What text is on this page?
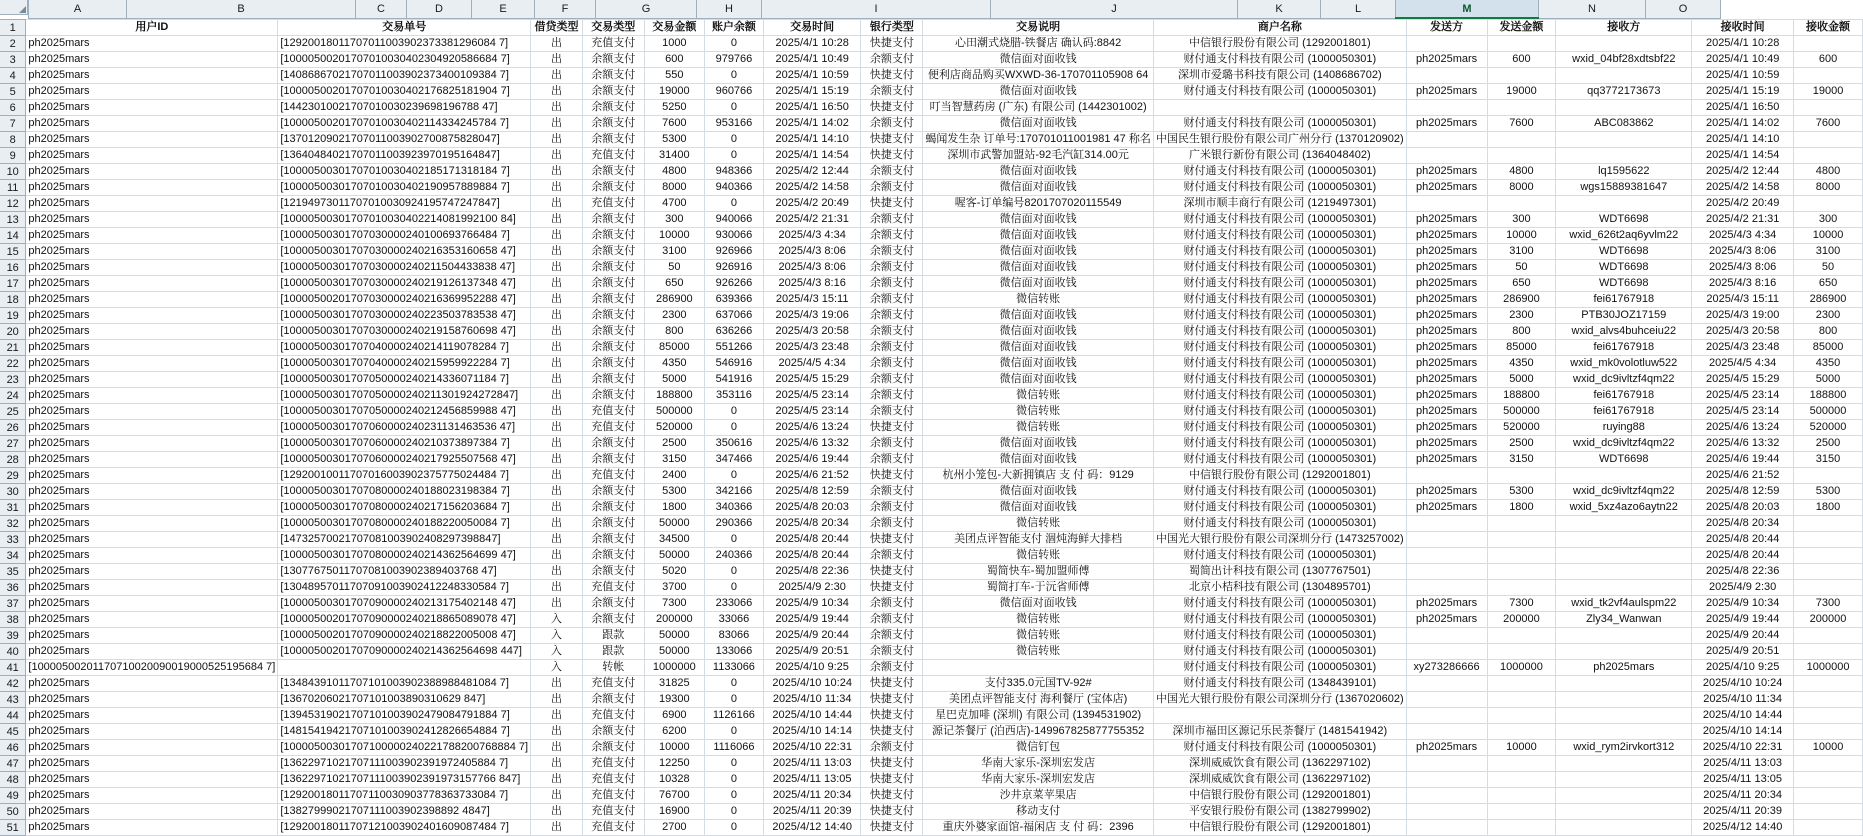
A	B	C	D	E	F	G	H	I	J	K	L	M	N	O
1	用户ID	交易单号	借贷类型	交易类型	交易金额	账户余额	交易时间	银行类型	交易说明	商户名称	发送方	发送金额	接收方	接收时间	接收金额
2	ph2025mars	[12920018011707011003902373381296084 7]	出	充值支付	1000	0	2025/4/1 10:28	快捷支付	心田潮式烧腊-铁餐店 确认码:8842	中信银行股份有限公司 (1292001801)				2025/4/1 10:28	
3	ph2025mars	[10000500201707010030402304920586684 7]	出	余额支付	600	979766	2025/4/1 10:49	余额支付	微信面对面收钱	财付通支付科技有限公司 (1000050301)	ph2025mars	600	wxid_04bf28xdtsbf22	2025/4/1 10:49	600
4	ph2025mars	[14086867021707011003902373400109384 7]	出	余额支付	550	0	2025/4/1 10:59	快捷支付	便利店商品购买WXWD-36-170701105908 64	深圳市爱璐书科技有限公司 (1408686702)				2025/4/1 10:59	
5	ph2025mars	[10000500201707010030402176825181904 7]	出	余额支付	19000	960766	2025/4/1 15:19	余额支付	微信面对面收钱	财付通支付科技有限公司 (1000050301)	ph2025mars	19000	qq3772173673	2025/4/1 15:19	19000
6	ph2025mars	[14423010021707010030239698196788 47]	出	余额支付	5250	0	2025/4/1 16:50	快捷支付	叮当智慧药房 (广东) 有限公司 (1442301002)					2025/4/1 16:50	
7	ph2025mars	[10000500201707010030402114334245784 7]	出	余额支付	7600	953166	2025/4/1 14:02	余额支付	微信面对面收钱	财付通支付科技有限公司 (1000050301)	ph2025mars	7600	ABC083862	2025/4/1 14:02	7600
8	ph2025mars	[13701209021707011003902700875828047]	出	余额支付	5300	0	2025/4/1 14:10	快捷支付	蝎闻发生杂 订单号:170701011001981 47 称名	中国民生银行股份有限公司广州分行 (1370120902)				2025/4/1 14:10	
9	ph2025mars	[13640484021707011003923970195164847]	出	充值支付	31400	0	2025/4/1 14:54	快捷支付	深圳市武警加盟站-92毛汽缸314.00元	广米银行新份有限公司 (1364048402)				2025/4/1 14:54	
10	ph2025mars	[10000500301707010030402185171318184 7]	出	余额支付	4800	948366	2025/4/2 12:44	余额支付	微信面对面收钱	财付通支付科技有限公司 (1000050301)	ph2025mars	4800	lq1595622	2025/4/2 12:44	4800
11	ph2025mars	[10000500301707010030402190957889884 7]	出	余额支付	8000	940366	2025/4/2 14:58	余额支付	微信面对面收钱	财付通支付科技有限公司 (1000050301)	ph2025mars	8000	wgs15889381647	2025/4/2 14:58	8000
12	ph2025mars	[12194973011707010030924195747247847]	出	充值支付	4700	0	2025/4/2 20:49	快捷支付	喔客-订单编号8201707020115549	深圳市顺丰商行有限公司 (1219497301)				2025/4/2 20:49	
13	ph2025mars	[10000500301707010030402214081992100 84]	出	余额支付	300	940066	2025/4/2 21:31	余额支付	微信面对面收钱	财付通支付科技有限公司 (1000050301)	ph2025mars	300	WDT6698	2025/4/2 21:31	300
14	ph2025mars	[10000500301707030000240100693766484 7]	出	余额支付	10000	930066	2025/4/3 4:34	余额支付	微信面对面收钱	财付通支付科技有限公司 (1000050301)	ph2025mars	10000	wxid_626t2aq6yvlm22	2025/4/3 4:34	10000
15	ph2025mars	[10000500301707030000240216353160658 47]	出	余额支付	3100	926966	2025/4/3 8:06	余额支付	微信面对面收钱	财付通支付科技有限公司 (1000050301)	ph2025mars	3100	WDT6698	2025/4/3 8:06	3100
16	ph2025mars	[10000500301707030000240211504433838 47]	出	余额支付	50	926916	2025/4/3 8:06	余额支付	微信面对面收钱	财付通支付科技有限公司 (1000050301)	ph2025mars	50	WDT6698	2025/4/3 8:06	50
17	ph2025mars	[10000500301707030000240219126137348 47]	出	余额支付	650	926266	2025/4/3 8:16	余额支付	微信面对面收钱	财付通支付科技有限公司 (1000050301)	ph2025mars	650	WDT6698	2025/4/3 8:16	650
18	ph2025mars	[10000500201707030000240216369952288 47]	出	余额支付	286900	639366	2025/4/3 15:11	余额支付	微信转账	财付通支付科技有限公司 (1000050301)	ph2025mars	286900	fei61767918	2025/4/3 15:11	286900
19	ph2025mars	[10000500301707030000240223503783538 47]	出	余额支付	2300	637066	2025/4/3 19:06	余额支付	微信面对面收钱	财付通支付科技有限公司 (1000050301)	ph2025mars	2300	PTB30JOZ17159	2025/4/3 19:00	2300
20	ph2025mars	[10000500301707030000240219158760698 47]	出	余额支付	800	636266	2025/4/3 20:58	余额支付	微信面对面收钱	财付通支付科技有限公司 (1000050301)	ph2025mars	800	wxid_alvs4buhceiu22	2025/4/3 20:58	800
21	ph2025mars	[10000500301707040000240214119078284 7]	出	余额支付	85000	551266	2025/4/3 23:48	余额支付	微信面对面收钱	财付通支付科技有限公司 (1000050301)	ph2025mars	85000	fei61767918	2025/4/3 23:48	85000
22	ph2025mars	[10000500301707040000240215959922284 7]	出	余额支付	4350	546916	2025/4/5 4:34	余额支付	微信面对面收钱	财付通支付科技有限公司 (1000050301)	ph2025mars	4350	wxid_mk0volotluw522	2025/4/5 4:34	4350
23	ph2025mars	[10000500301707050000240214336071184 7]	出	余额支付	5000	541916	2025/4/5 15:29	余额支付	微信面对面收钱	财付通支付科技有限公司 (1000050301)	ph2025mars	5000	wxid_dc9ivltzf4qm22	2025/4/5 15:29	5000
24	ph2025mars	[10000500301707050000240211301924272847]	出	余额支付	188800	353116	2025/4/5 23:14	余额支付	微信转账	财付通支付科技有限公司 (1000050301)	ph2025mars	188800	fei61767918	2025/4/5 23:14	188800
25	ph2025mars	[10000500301707050000240212456859988 47]	出	充值支付	500000	0	2025/4/5 23:14	余额支付	微信转账	财付通支付科技有限公司 (1000050301)	ph2025mars	500000	fei61767918	2025/4/5 23:14	500000
26	ph2025mars	[10000500301707060000240231131463536 47]	出	充值支付	520000	0	2025/4/6 13:24	快捷支付	微信转账	财付通支付科技有限公司 (1000050301)	ph2025mars	520000	ruying88	2025/4/6 13:24	520000
27	ph2025mars	[10000500301707060000240210373897384 7]	出	余额支付	2500	350616	2025/4/6 13:32	余额支付	微信面对面收钱	财付通支付科技有限公司 (1000050301)	ph2025mars	2500	wxid_dc9ivltzf4qm22	2025/4/6 13:32	2500
28	ph2025mars	[10000500301707060000240217925507568 47]	出	余额支付	3150	347466	2025/4/6 19:44	余额支付	微信面对面收钱	财付通支付科技有限公司 (1000050301)	ph2025mars	3150	WDT6698	2025/4/6 19:44	3150
29	ph2025mars	[12920010011707016003902375775024484 7]	出	充值支付	2400	0	2025/4/6 21:52	快捷支付	杭州小笼包-大新拥镇店 支 付 码：9129	中信银行股份有限公司 (1292001801)				2025/4/6 21:52	
30	ph2025mars	[10000500301707080000240188023198384 7]	出	余额支付	5300	342166	2025/4/8 12:59	余额支付	微信面对面收钱	财付通支付科技有限公司 (1000050301)	ph2025mars	5300	wxid_dc9ivltzf4qm22	2025/4/8 12:59	5300
31	ph2025mars	[10000500301707080000240217156203684 7]	出	余额支付	1800	340366	2025/4/8 20:03	余额支付	微信面对面收钱	财付通支付科技有限公司 (1000050301)	ph2025mars	1800	wxid_5xz4azo6aytn22	2025/4/8 20:03	1800
32	ph2025mars	[10000500301707080000240188220050084 7]	出	余额支付	50000	290366	2025/4/8 20:34	余额支付	微信转账	财付通支付科技有限公司 (1000050301)				2025/4/8 20:34	
33	ph2025mars	[14732570021707081003902408297398847]	出	余额支付	34500	0	2025/4/8 20:44	快捷支付	美团点评智能支付 涸炖海鲜大排档	中国光大银行股份有限公司深圳分行 (1473257002)				2025/4/8 20:44	
34	ph2025mars	[10000500301707080000240214362564699 47]	出	余额支付	50000	240366	2025/4/8 20:44	余额支付	微信转账	财付通支付科技有限公司 (1000050301)				2025/4/8 20:44	
35	ph2025mars	[13077675011707081003902389403768 47]	出	余额支付	5020	0	2025/4/8 22:36	快捷支付	蜀简快车-蜀加盟师傅	蜀简出计科技有限公司 (1307767501)				2025/4/8 22:36	
36	ph2025mars	[13048957011707091003902412248330584 7]	出	充值支付	3700	0	2025/4/9 2:30	快捷支付	蜀简打车-于沅省师傅	北京小桔科技有限公司 (1304895701)				2025/4/9 2:30	
37	ph2025mars	[10000500301707090000240213175402148 47]	出	余额支付	7300	233066	2025/4/9 10:34	余额支付	微信面对面收钱	财付通支付科技有限公司 (1000050301)	ph2025mars	7300	wxid_tk2vf4aulspm22	2025/4/9 10:34	7300
38	ph2025mars	[10000500201707090000240218865089078 47]	入	余额支付	200000	33066	2025/4/9 19:44	余额支付	微信转账	财付通支付科技有限公司 (1000050301)	ph2025mars	200000	Zly34_Wanwan	2025/4/9 19:44	200000
39	ph2025mars	[10000500201707090000240218822005008 47]	入	跟款	50000	83066	2025/4/9 20:44	余额支付	微信转账	财付通支付科技有限公司 (1000050301)				2025/4/9 20:44	
40	ph2025mars	[10000500201707090000240214362564698 447]	入	跟款	50000	133066	2025/4/9 20:51	余额支付	微信转账	财付通支付科技有限公司 (1000050301)				2025/4/9 20:51	
41	[10000500201170710020090019000525195684 7]		入	转帐	1000000	1133066	2025/4/10 9:25	余额支付		财付通支付科技有限公司 (1000050301)	xy273286666	1000000	ph2025mars	2025/4/10 9:25	1000000
42	ph2025mars	[13484391011707101003902388988481084 7]	出	充值支付	31825	0	2025/4/10 10:24	快捷支付	支付335.0元国TV-92#	财付通支付科技有限公司 (1348439101)				2025/4/10 10:24	
43	ph2025mars	[13670206021707101003890310629 847]	出	余额支付	19300	0	2025/4/10 11:34	快捷支付	美团点评智能支付 海利餐厅 (宝体店)	中国光大银行股份有限公司深圳分行 (1367020602)				2025/4/10 11:34	
44	ph2025mars	[13945319021707101003902479084791884 7]	出	充值支付	6900	1126166	2025/4/10 14:44	快捷支付	星巴克加啡 (深圳) 有限公司 (1394531902)					2025/4/10 14:44	
45	ph2025mars	[14815419421707101003902412826654884 7]	出	余额支付	6200	0	2025/4/10 14:14	快捷支付	源记荼餐厅 (泊西店)-149967825877755352	深圳市福田区源记乐民荼餐厅 (1481541942)				2025/4/10 14:14	
46	ph2025mars	[10000500301707100000240221788200768884 7]	出	余额支付	10000	1116066	2025/4/10 22:31	余额支付	微信钉包	财付通支付科技有限公司 (1000050301)	ph2025mars	10000	wxid_rym2irvkort312	2025/4/10 22:31	10000
47	ph2025mars	[13622971021707111003902391972405884 7]	出	充值支付	12250	0	2025/4/11 13:03	快捷支付	华南大家乐-深圳宏发店	深圳威威饮食有限公司 (1362297102)				2025/4/11 13:03	
48	ph2025mars	[13622971021707111003902391973157766 847]	出	充值支付	10328	0	2025/4/11 13:05	快捷支付	华南大家乐-深圳宏发店	深圳威威饮食有限公司 (1362297102)				2025/4/11 13:05	
49	ph2025mars	[12920018011707110030903778363733084 7]	出	充值支付	76700	0	2025/4/11 20:34	快捷支付	沙井京菜苹果店	中信银行股份有限公司 (1292001801)				2025/4/11 20:34	
50	ph2025mars	[13827999021707111003902398892 4847]	出	充值支付	16900	0	2025/4/11 20:39	快捷支付	移动支付	平安银行股份有限公司 (1382799902)				2025/4/11 20:39	
51	ph2025mars	[12920018011707121003902401609087484 7]	出	充值支付	2700	0	2025/4/12 14:40	快捷支付	重庆外婆家面馆-福闲店 支 付 码：2396	中信银行股份有限公司 (1292001801)				2025/4/12 14:40	
